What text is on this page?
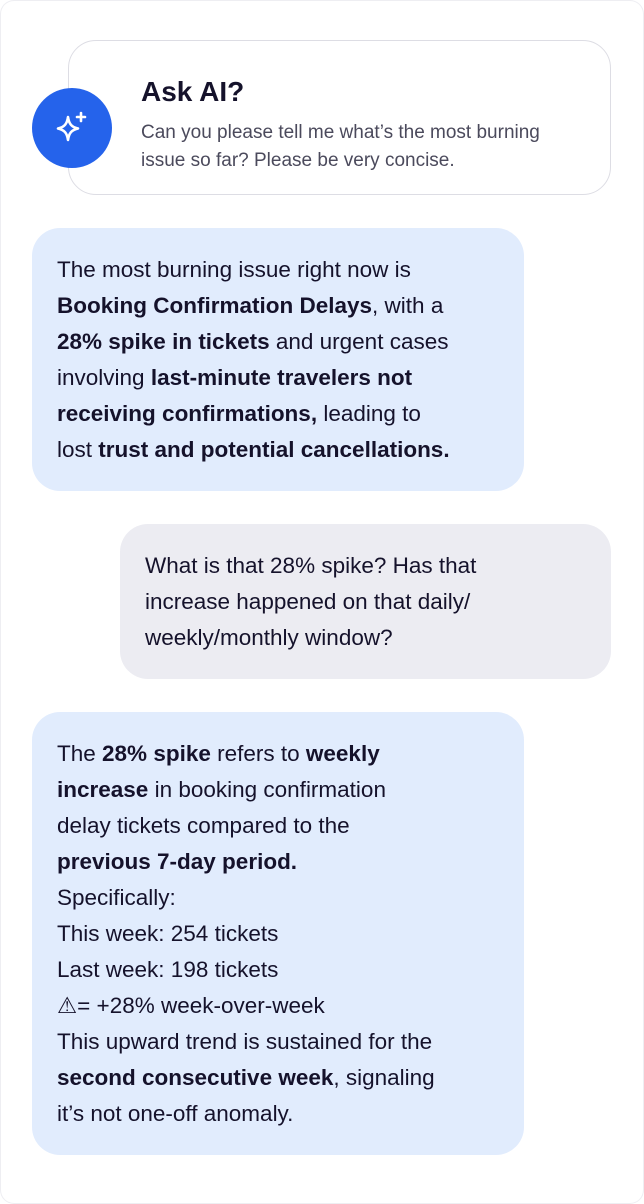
Ask AI?

Can you please tell me what’s the most burning issue so far? Please be very concise.

The most burning issue right now is
Booking Confirmation Delays, with a
28% spike in tickets and urgent cases
involving last-minute travelers not
receiving confirmations, leading to
lost trust and potential cancellations.
What is that 28% spike? Has that
increase happened on that daily/
weekly/monthly window?
The 28% spike refers to weekly
increase in booking confirmation
delay tickets compared to the
previous 7-day period.
Specifically:
This week: 254 tickets
Last week: 198 tickets
⚠︎= +28% week-over-week
This upward trend is sustained for the
second consecutive week, signaling
it’s not one-off anomaly.
